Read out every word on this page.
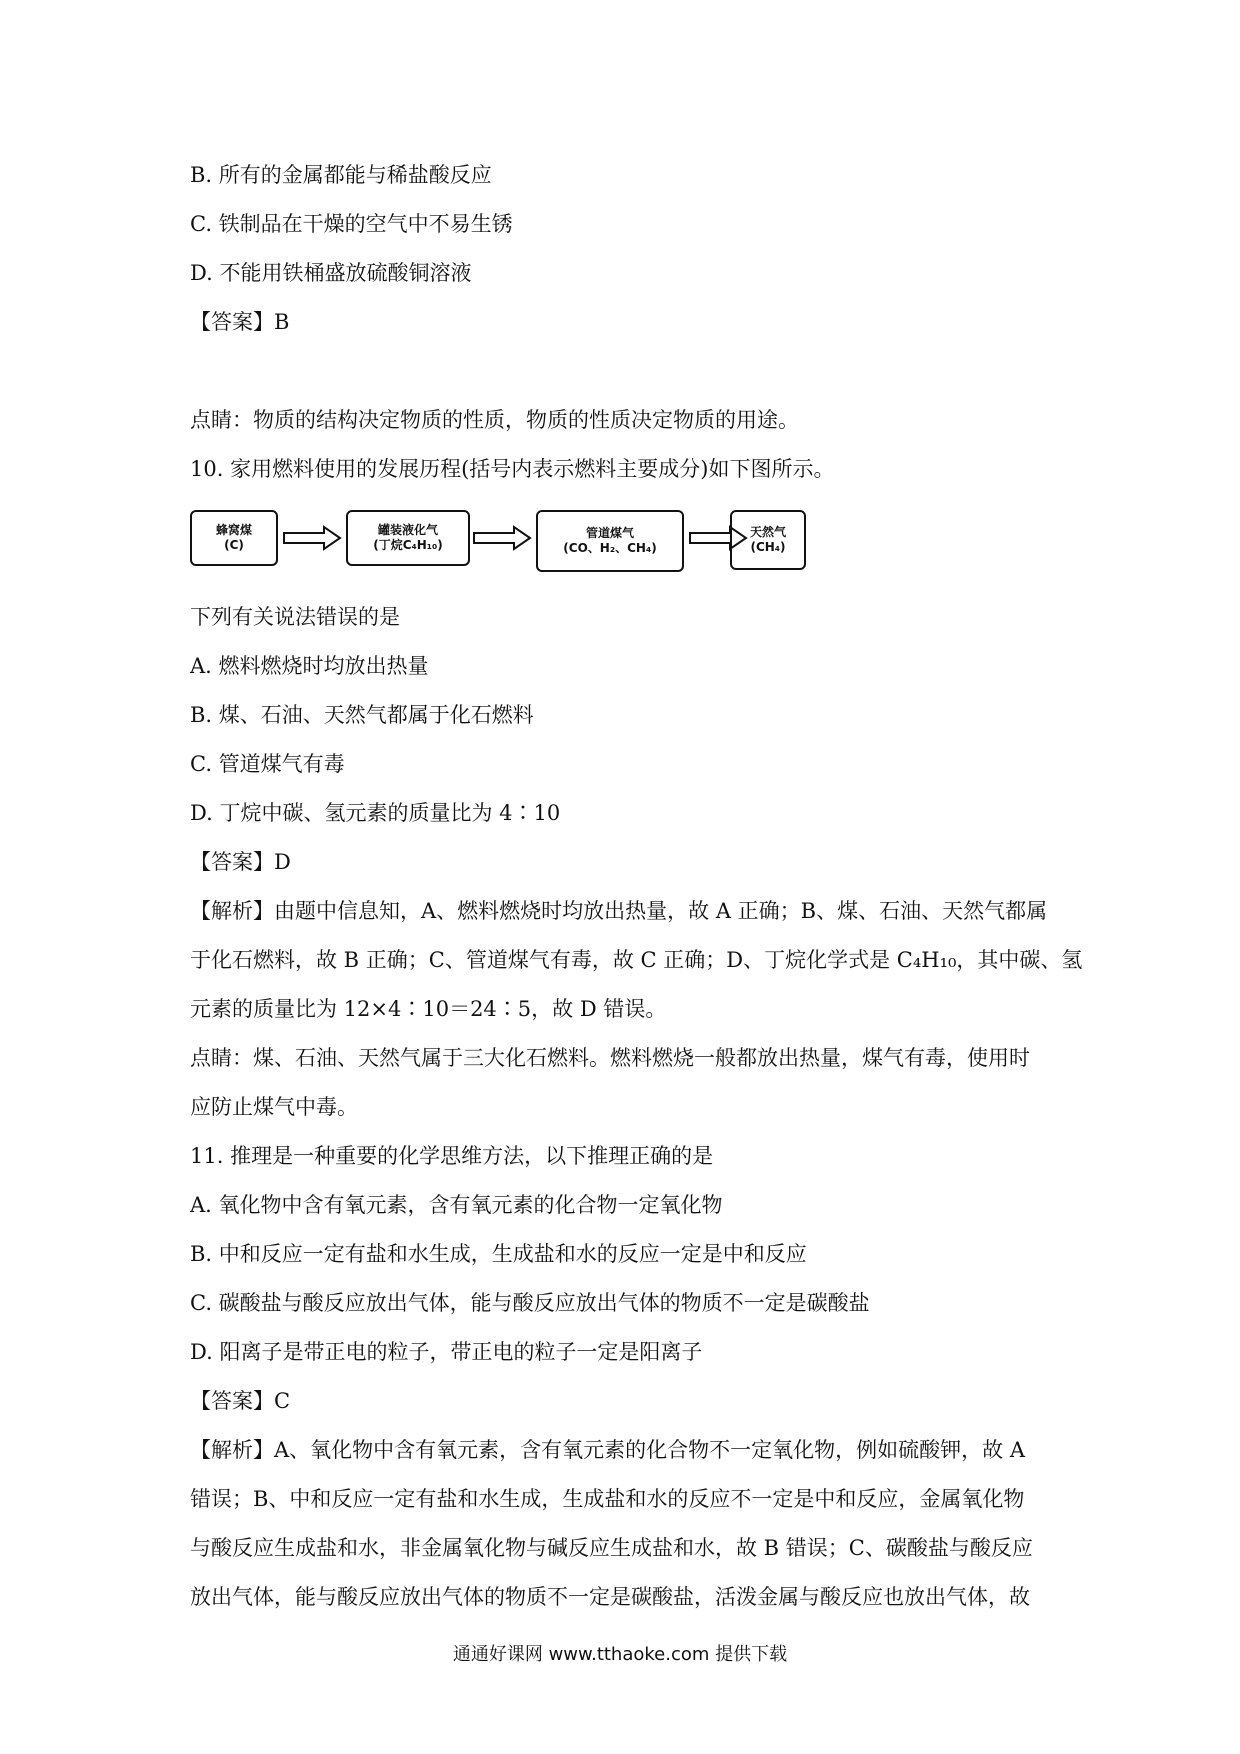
B. 所有的金属都能与稀盐酸反应
C. 铁制品在干燥的空气中不易生锈
D. 不能用铁桶盛放硫酸铜溶液
【答案】B
点睛：物质的结构决定物质的性质，物质的性质决定物质的用途。
10. 家用燃料使用的发展历程(括号内表示燃料主要成分)如下图所示。
蜂窝煤
(C)
罐装液化气
(丁烷C₄H₁₀)
管道煤气
(CO、H₂、CH₄)
天然气
(CH₄)
下列有关说法错误的是
A. 燃料燃烧时均放出热量
B. 煤、石油、天然气都属于化石燃料
C. 管道煤气有毒
D. 丁烷中碳、氢元素的质量比为 4∶10
【答案】D
【解析】由题中信息知，A、燃料燃烧时均放出热量，故 A 正确；B、煤、石油、天然气都属
于化石燃料，故 B 正确；C、管道煤气有毒，故 C 正确；D、丁烷化学式是 C₄H₁₀，其中碳、氢
元素的质量比为 12×4∶10＝24∶5，故 D 错误。
点睛：煤、石油、天然气属于三大化石燃料。燃料燃烧一般都放出热量，煤气有毒，使用时
应防止煤气中毒。
11. 推理是一种重要的化学思维方法，以下推理正确的是
A. 氧化物中含有氧元素，含有氧元素的化合物一定氧化物
B. 中和反应一定有盐和水生成，生成盐和水的反应一定是中和反应
C. 碳酸盐与酸反应放出气体，能与酸反应放出气体的物质不一定是碳酸盐
D. 阳离子是带正电的粒子，带正电的粒子一定是阳离子
【答案】C
【解析】A、氧化物中含有氧元素，含有氧元素的化合物不一定氧化物，例如硫酸钾，故 A
错误；B、中和反应一定有盐和水生成，生成盐和水的反应不一定是中和反应，金属氧化物
与酸反应生成盐和水，非金属氧化物与碱反应生成盐和水，故 B 错误；C、碳酸盐与酸反应
放出气体，能与酸反应放出气体的物质不一定是碳酸盐，活泼金属与酸反应也放出气体，故
通通好课网 www.tthaoke.com 提供下载
